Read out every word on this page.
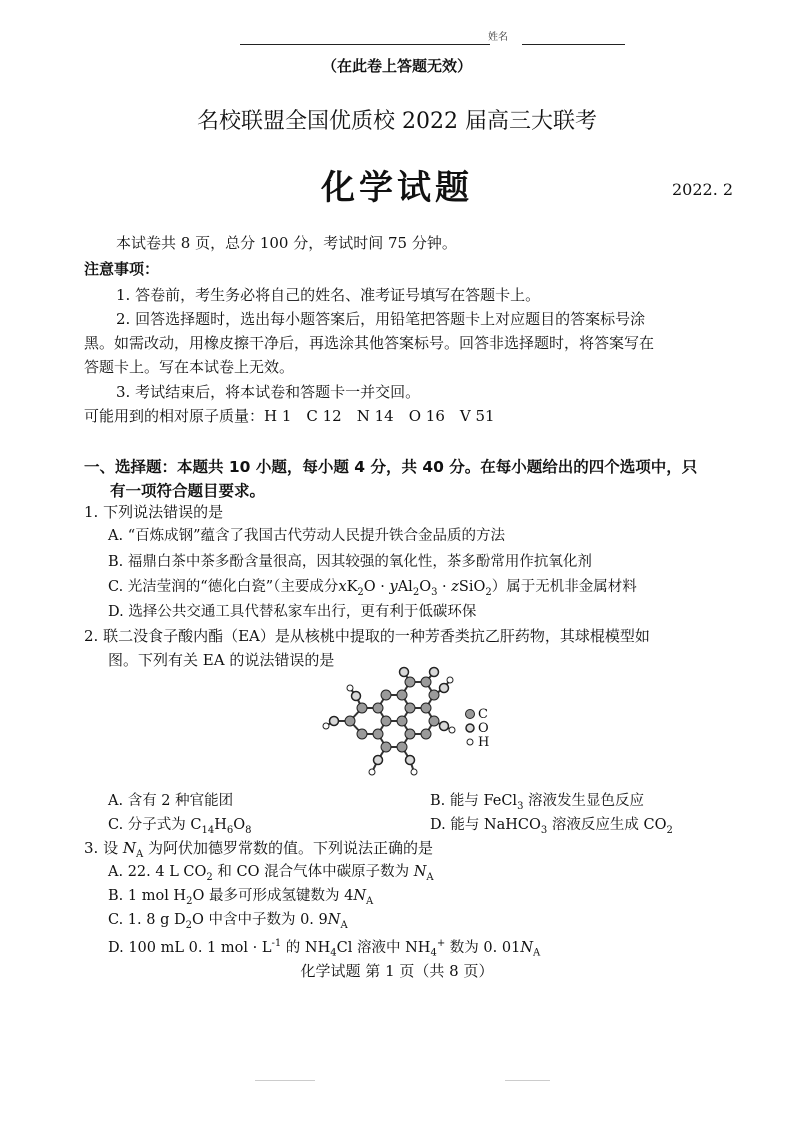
姓名
（在此卷上答题无效）
名校联盟全国优质校 2022 届高三大联考
化学试题	2022. 2
本试卷共 8 页，总分 100 分，考试时间 75 分钟。
注意事项：
1. 答卷前，考生务必将自己的姓名、准考证号填写在答题卡上。
2. 回答选择题时，选出每小题答案后，用铅笔把答题卡上对应题目的答案标号涂
黑。如需改动，用橡皮擦干净后，再选涂其他答案标号。回答非选择题时，将答案写在
答题卡上。写在本试卷上无效。
3. 考试结束后，将本试卷和答题卡一并交回。
可能用到的相对原子质量：H 1　C 12　N 14　O 16　V 51
一、选择题：本题共 10 小题，每小题 4 分，共 40 分。在每小题给出的四个选项中，只
有一项符合题目要求。
1. 下列说法错误的是
A. “百炼成钢”蕴含了我国古代劳动人民提升铁合金品质的方法
B. 福鼎白茶中茶多酚含量很高，因其较强的氧化性，茶多酚常用作抗氧化剂
C. 光洁莹润的“德化白瓷”（主要成分$xK_2O \cdot yAl_2O_3$ · zSiO$_2$）属于无机非金属材料
D. 选择公共交通工具代替私家车出行，更有利于低碳环保
2. 联二没食子酸内酯（EA）是从核桃中提取的一种芳香类抗乙肝药物，其球棍模型如
图。下列有关 EA 的说法错误的是
C
O
H
A. 含有 2 种官能团	B. 能与 FeCl$_3$ 溶液发生显色反应
C. 分子式为 $C_{14}H_6O_8$	D. 能与 NaHCO$_3$ 溶液反应生成 $CO_2$
3. 设 $N_A$ 为阿伏加德罗常数的值。下列说法正确的是
A. 22. 4 L $CO_2$ 和 CO 混合气体中碳原子数为 $N_A$
B. 1 mol $H_2O$ 最多可形成氢键数为 $4N_A$
C. 1. 8 g $D_2O$ 中含中子数为 0. $9N_A$
D. 100 mL 0. 1 mol · $L^{-1}$ 的 $NH_4Cl$ 溶液中 $NH_4^+$ 数为 0. $01N_A$
化学试题 第 1 页（共 8 页）
